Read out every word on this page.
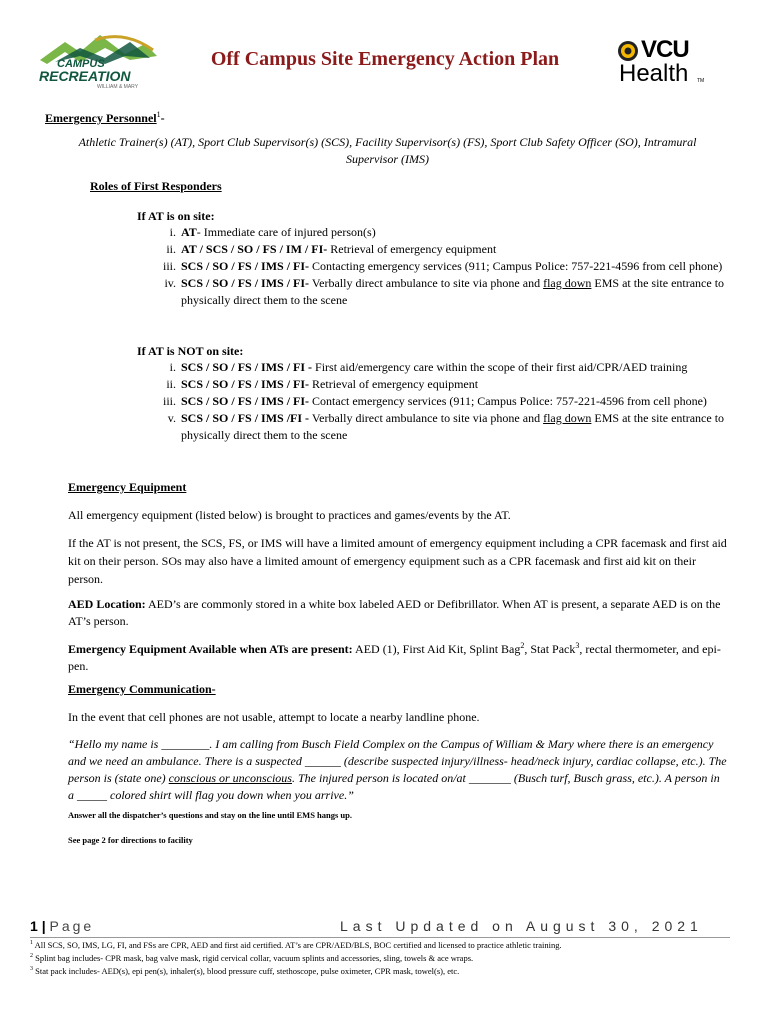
CAMPUS
RECREATION
WILLIAM & MARY
Off Campus Site Emergency Action Plan	VCU
Health TM
Emergency Personnel$^1$-
Athletic Trainer(s) (AT), Sport Club Supervisor(s) (SCS), Facility Supervisor(s) (FS), Sport Club Safety Officer (SO), Intramural Supervisor (IMS)
Roles of First Responders
If AT is on site:
i. AT- Immediate care of injured person(s)
ii. AT / SCS / SO / FS / IM / FI- Retrieval of emergency equipment
iii. SCS / SO / FS / IMS / FI- Contacting emergency services (911; Campus Police: 757-221-4596 from cell phone)
iv. SCS / SO / FS / IMS / FI- Verbally direct ambulance to site via phone and flag down EMS at the site entrance to physically direct them to the scene
If AT is NOT on site:
i. SCS / SO / FS / IMS / FI - First aid/emergency care within the scope of their first aid/CPR/AED training
ii. SCS / SO / FS / IMS / FI- Retrieval of emergency equipment
iii. SCS / SO / FS / IMS / FI- Contact emergency services (911; Campus Police: 757-221-4596 from cell phone)
v. SCS / SO / FS / IMS /FI - Verbally direct ambulance to site via phone and flag down EMS at the site entrance to physically direct them to the scene
Emergency Equipment
All emergency equipment (listed below) is brought to practices and games/events by the AT.
If the AT is not present, the SCS, FS, or IMS will have a limited amount of emergency equipment including a CPR facemask and first aid kit on their person. SOs may also have a limited amount of emergency equipment such as a CPR facemask and first aid kit on their person.
AED Location: AED’s are commonly stored in a white box labeled AED or Defibrillator. When AT is present, a separate AED is on the AT’s person.
Emergency Equipment Available when ATs are present: AED (1), First Aid Kit, Splint Bag$^2$, Stat Pack$^3$, rectal thermometer, and epi-pen.
Emergency Communication-
In the event that cell phones are not usable, attempt to locate a nearby landline phone.
“Hello my name is ________. I am calling from Busch Field Complex on the Campus of William & Mary where there is an emergency and we need an ambulance. There is a suspected ______ (describe suspected injury/illness- head/neck injury, cardiac collapse, etc.). The person is (state one) conscious or unconscious. The injured person is located on/at _______ (Busch turf, Busch grass, etc.). A person in a _____ colored shirt will flag you down when you arrive.”
Answer all the dispatcher’s questions and stay on the line until EMS hangs up.
See page 2 for directions to facility
1 | Page	Last Updated on August 30, 2021
$^1$ All SCS, SO, IMS, LG, FI, and FSs are CPR, AED and first aid certified. AT’s are CPR/AED/BLS, BOC certified and licensed to practice athletic training.
$^2$ Splint bag includes- CPR mask, bag valve mask, rigid cervical collar, vacuum splints and accessories, sling, towels & ace wraps.
$^3$ Stat pack includes- AED(s), epi pen(s), inhaler(s), blood pressure cuff, stethoscope, pulse oximeter, CPR mask, towel(s), etc.
